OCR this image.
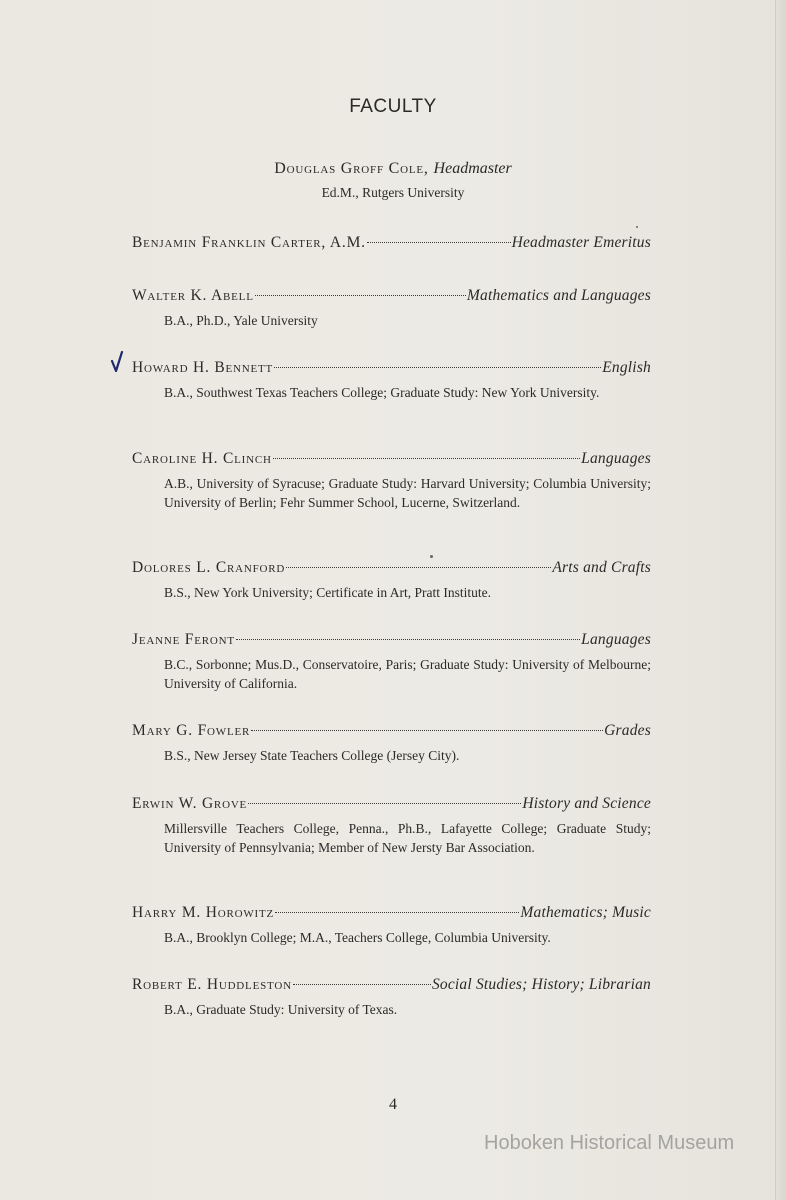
FACULTY
Douglas Groff Cole, Headmaster
Ed.M., Rutgers University
Benjamin Franklin Carter, A.M.	Headmaster Emeritus
Walter K. Abell	Mathematics and Languages
B.A., Ph.D., Yale University
Howard H. Bennett	English
B.A., Southwest Texas Teachers College; Graduate Study: New York University.
Caroline H. Clinch	Languages
A.B., University of Syracuse; Graduate Study: Harvard University; Columbia University; University of Berlin; Fehr Summer School, Lucerne, Switzerland.
Dolores L. Cranford	Arts and Crafts
B.S., New York University; Certificate in Art, Pratt Institute.
Jeanne Feront	Languages
B.C., Sorbonne; Mus.D., Conservatoire, Paris; Graduate Study: University of Melbourne; University of California.
Mary G. Fowler	Grades
B.S., New Jersey State Teachers College (Jersey City).
Erwin W. Grove	History and Science
Millersville Teachers College, Penna., Ph.B., Lafayette College; Graduate Study; University of Pennsylvania; Member of New Jersty Bar Association.
Harry M. Horowitz	Mathematics; Music
B.A., Brooklyn College; M.A., Teachers College, Columbia University.
Robert E. Huddleston	Social Studies; History; Librarian
B.A., Graduate Study: University of Texas.
4
Hoboken Historical Museum
